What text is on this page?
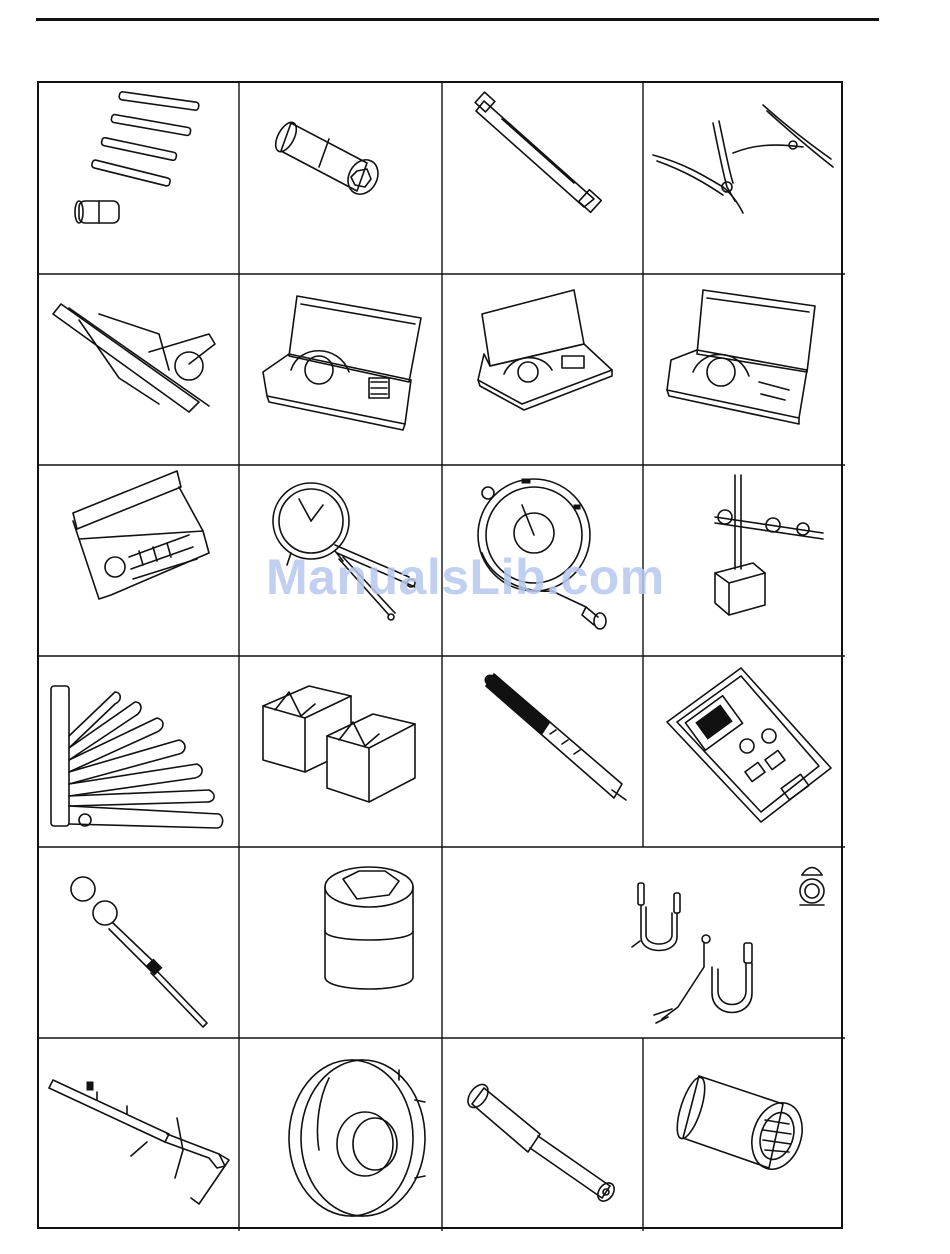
ManualsLib.com
